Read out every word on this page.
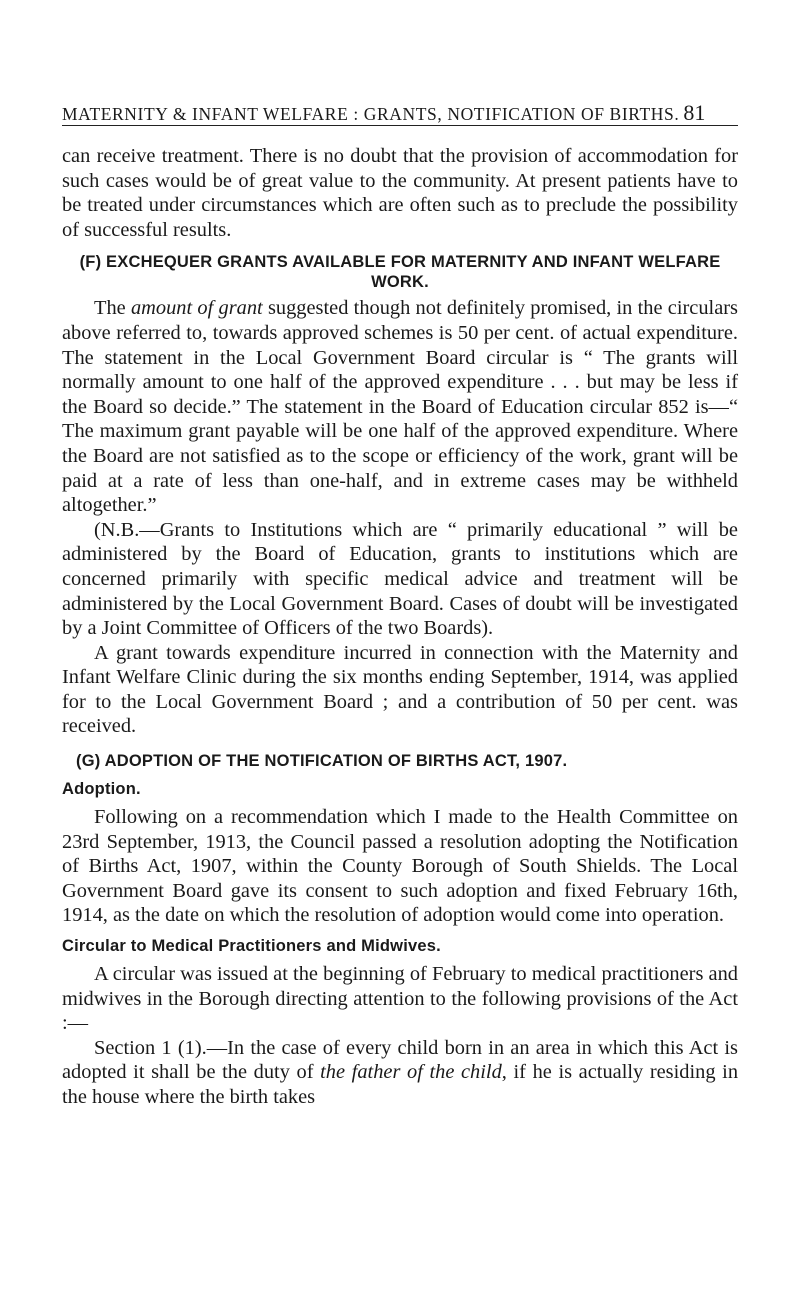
MATERNITY & INFANT WELFARE : GRANTS, NOTIFICATION OF BIRTHS. 81

can receive treatment. There is no doubt that the provision of accommodation for such cases would be of great value to the community. At present patients have to be treated under circumstances which are often such as to preclude the possibility of successful results.

(F) EXCHEQUER GRANTS AVAILABLE FOR MATERNITY AND INFANT WELFARE WORK.

The amount of grant suggested though not definitely promised, in the circulars above referred to, towards approved schemes is 50 per cent. of actual expenditure. The statement in the Local Government Board circular is “ The grants will normally amount to one half of the approved expenditure . . . but may be less if the Board so decide.” The statement in the Board of Education circular 852 is—“ The maximum grant payable will be one half of the approved expenditure. Where the Board are not satisfied as to the scope or efficiency of the work, grant will be paid at a rate of less than one-half, and in extreme cases may be withheld altogether.”

(N.B.—Grants to Institutions which are “ primarily educational ” will be administered by the Board of Education, grants to institutions which are concerned primarily with specific medical advice and treatment will be administered by the Local Government Board. Cases of doubt will be investigated by a Joint Committee of Officers of the two Boards).

A grant towards expenditure incurred in connection with the Maternity and Infant Welfare Clinic during the six months ending September, 1914, was applied for to the Local Government Board ; and a contribution of 50 per cent. was received.

(G) ADOPTION OF THE NOTIFICATION OF BIRTHS ACT, 1907.
Adoption.

Following on a recommendation which I made to the Health Committee on 23rd September, 1913, the Council passed a resolution adopting the Notification of Births Act, 1907, within the County Borough of South Shields. The Local Government Board gave its consent to such adoption and fixed February 16th, 1914, as the date on which the resolution of adoption would come into operation.

Circular to Medical Practitioners and Midwives.

A circular was issued at the beginning of February to medical practitioners and midwives in the Borough directing attention to the following provisions of the Act :—

Section 1 (1).—In the case of every child born in an area in which this Act is adopted it shall be the duty of the father of the child, if he is actually residing in the house where the birth takes
